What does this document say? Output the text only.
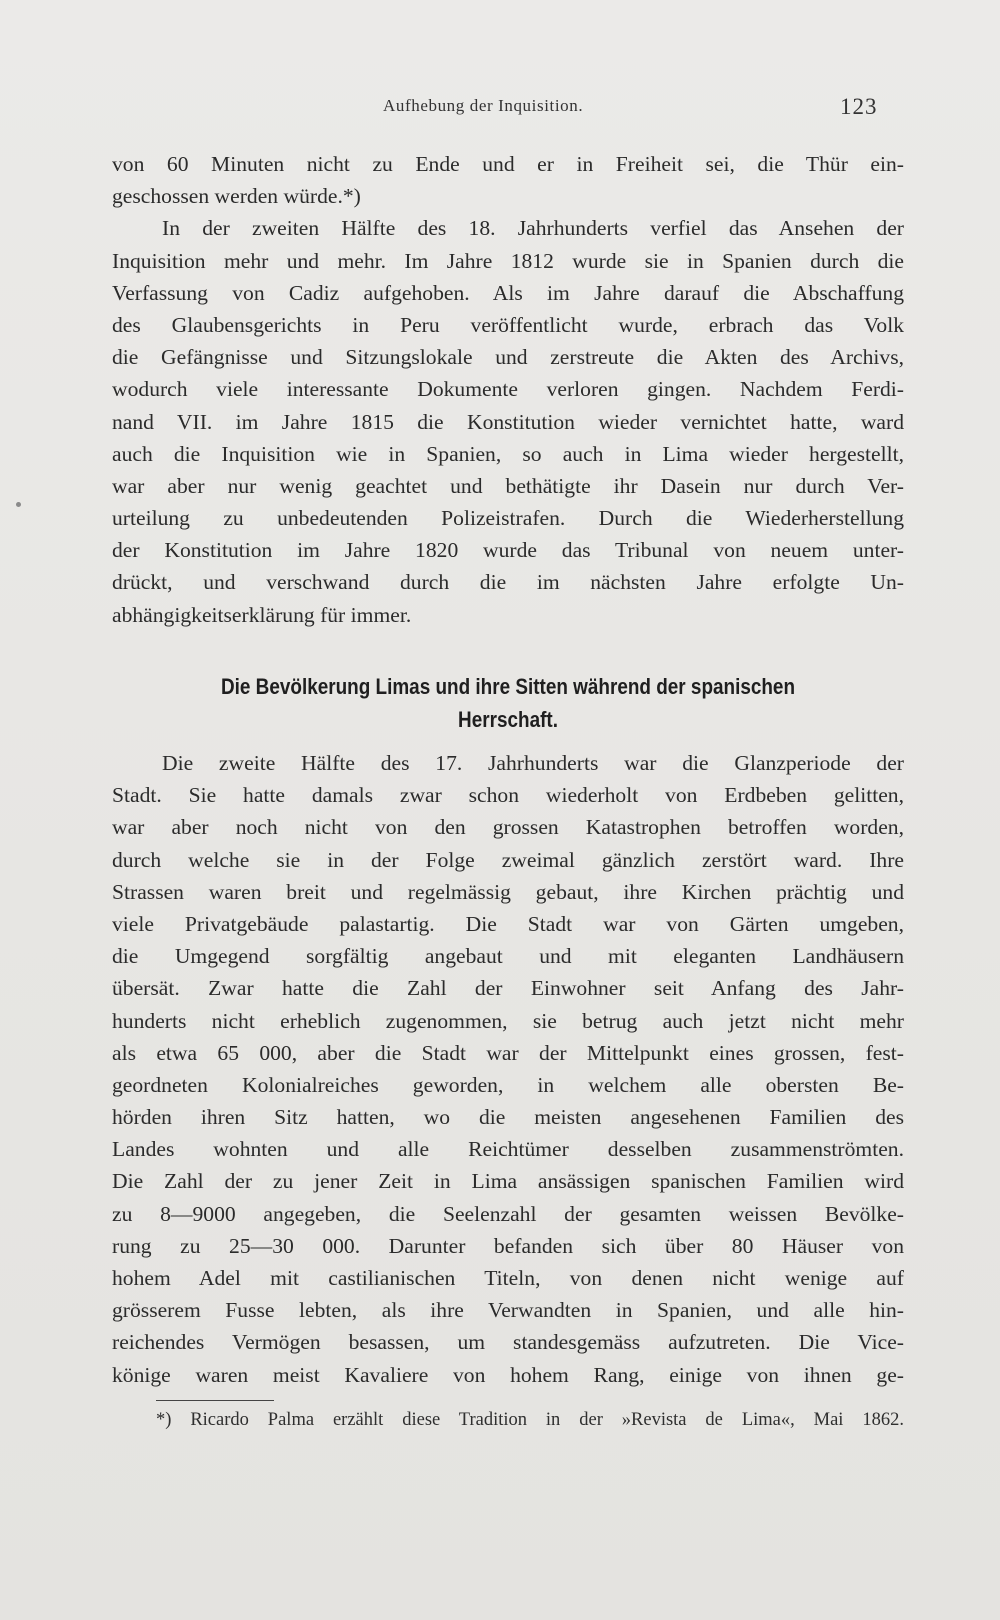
Aufhebung der Inquisition.	123
von 60 Minuten nicht zu Ende und er in Freiheit sei, die Thür ein-
geschossen werden würde.*)
In der zweiten Hälfte des 18. Jahrhunderts verfiel das Ansehen der
Inquisition mehr und mehr. Im Jahre 1812 wurde sie in Spanien durch die
Verfassung von Cadiz aufgehoben. Als im Jahre darauf die Abschaffung
des Glaubensgerichts in Peru veröffentlicht wurde, erbrach das Volk
die Gefängnisse und Sitzungslokale und zerstreute die Akten des Archivs,
wodurch viele interessante Dokumente verloren gingen. Nachdem Ferdi-
nand VII. im Jahre 1815 die Konstitution wieder vernichtet hatte, ward
auch die Inquisition wie in Spanien, so auch in Lima wieder hergestellt,
war aber nur wenig geachtet und bethätigte ihr Dasein nur durch Ver-
urteilung zu unbedeutenden Polizeistrafen. Durch die Wiederherstellung
der Konstitution im Jahre 1820 wurde das Tribunal von neuem unter-
drückt, und verschwand durch die im nächsten Jahre erfolgte Un-
abhängigkeitserklärung für immer.
Die Bevölkerung Limas und ihre Sitten während der spanischen
Herrschaft.
Die zweite Hälfte des 17. Jahrhunderts war die Glanzperiode der
Stadt. Sie hatte damals zwar schon wiederholt von Erdbeben gelitten,
war aber noch nicht von den grossen Katastrophen betroffen worden,
durch welche sie in der Folge zweimal gänzlich zerstört ward. Ihre
Strassen waren breit und regelmässig gebaut, ihre Kirchen prächtig und
viele Privatgebäude palastartig. Die Stadt war von Gärten umgeben,
die Umgegend sorgfältig angebaut und mit eleganten Landhäusern
übersät. Zwar hatte die Zahl der Einwohner seit Anfang des Jahr-
hunderts nicht erheblich zugenommen, sie betrug auch jetzt nicht mehr
als etwa 65 000, aber die Stadt war der Mittelpunkt eines grossen, fest-
geordneten Kolonialreiches geworden, in welchem alle obersten Be-
hörden ihren Sitz hatten, wo die meisten angesehenen Familien des
Landes wohnten und alle Reichtümer desselben zusammenströmten.
Die Zahl der zu jener Zeit in Lima ansässigen spanischen Familien wird
zu 8—9000 angegeben, die Seelenzahl der gesamten weissen Bevölke-
rung zu 25—30 000. Darunter befanden sich über 80 Häuser von
hohem Adel mit castilianischen Titeln, von denen nicht wenige auf
grösserem Fusse lebten, als ihre Verwandten in Spanien, und alle hin-
reichendes Vermögen besassen, um standesgemäss aufzutreten. Die Vice-
könige waren meist Kavaliere von hohem Rang, einige von ihnen ge-
*) Ricardo Palma erzählt diese Tradition in der »Revista de Lima«, Mai 1862.
